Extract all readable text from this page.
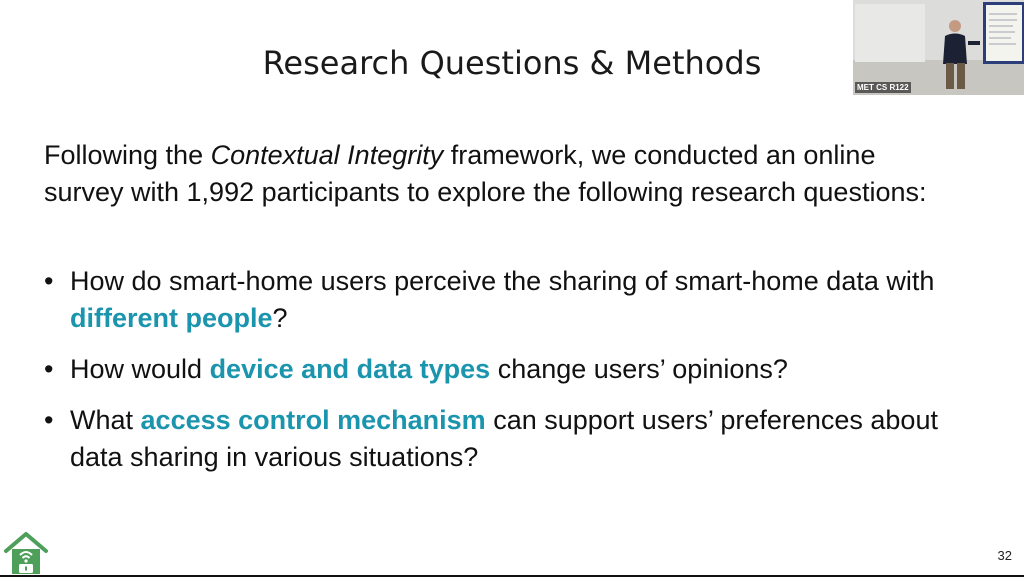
Research Questions & Methods
Following the Contextual Integrity framework, we conducted an online survey with 1,992 participants to explore the following research questions:
• How do smart-home users perceive the sharing of smart-home data with different people?
• How would device and data types change users’ opinions?
• What access control mechanism can support users’ preferences about data sharing in various situations?
32
MET CS R122
